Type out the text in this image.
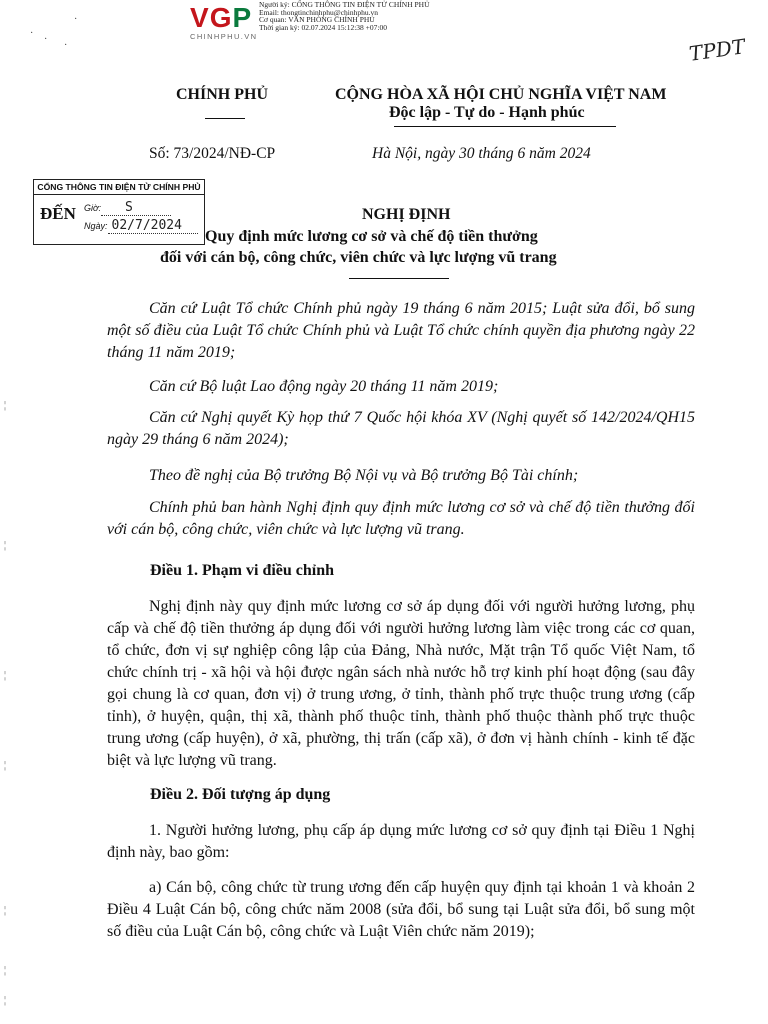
VGP
CHINHPHU.VN
Người ký: CỔNG THÔNG TIN ĐIỆN TỬ CHÍNH PHỦ
Email: thongtinchinhphu@chinhphu.vn
Cơ quan: VĂN PHÒNG CHÍNH PHỦ
Thời gian ký: 02.07.2024 15:12:38 +07:00
TPDT
·
·
·
·
CHÍNH PHỦ	CỘNG HÒA XÃ HỘI CHỦ NGHĨA VIỆT NAM
Độc lập - Tự do - Hạnh phúc
Số: 73/2024/NĐ-CP	Hà Nội, ngày 30 tháng 6 năm 2024
CỔNG THÔNG TIN ĐIỆN TỬ CHÍNH PHỦ
ĐẾN Giờ: S
Ngày: 02/7/2024
NGHỊ ĐỊNH
Quy định mức lương cơ sở và chế độ tiền thưởng
đối với cán bộ, công chức, viên chức và lực lượng vũ trang
Căn cứ Luật Tổ chức Chính phủ ngày 19 tháng 6 năm 2015; Luật sửa đổi, bổ sung một số điều của Luật Tổ chức Chính phủ và Luật Tổ chức chính quyền địa phương ngày 22 tháng 11 năm 2019;
Căn cứ Bộ luật Lao động ngày 20 tháng 11 năm 2019;
Căn cứ Nghị quyết Kỳ họp thứ 7 Quốc hội khóa XV (Nghị quyết số 142/2024/QH15 ngày 29 tháng 6 năm 2024);
Theo đề nghị của Bộ trưởng Bộ Nội vụ và Bộ trưởng Bộ Tài chính;
Chính phủ ban hành Nghị định quy định mức lương cơ sở và chế độ tiền thưởng đối với cán bộ, công chức, viên chức và lực lượng vũ trang.
Điều 1. Phạm vi điều chỉnh
Nghị định này quy định mức lương cơ sở áp dụng đối với người hưởng lương, phụ cấp và chế độ tiền thưởng áp dụng đối với người hưởng lương làm việc trong các cơ quan, tổ chức, đơn vị sự nghiệp công lập của Đảng, Nhà nước, Mặt trận Tổ quốc Việt Nam, tổ chức chính trị - xã hội và hội được ngân sách nhà nước hỗ trợ kinh phí hoạt động (sau đây gọi chung là cơ quan, đơn vị) ở trung ương, ở tỉnh, thành phố trực thuộc trung ương (cấp tỉnh), ở huyện, quận, thị xã, thành phố thuộc tỉnh, thành phố thuộc thành phố trực thuộc trung ương (cấp huyện), ở xã, phường, thị trấn (cấp xã), ở đơn vị hành chính - kinh tế đặc biệt và lực lượng vũ trang.
Điều 2. Đối tượng áp dụng
1. Người hưởng lương, phụ cấp áp dụng mức lương cơ sở quy định tại Điều 1 Nghị định này, bao gồm:
a) Cán bộ, công chức từ trung ương đến cấp huyện quy định tại khoản 1 và khoản 2 Điều 4 Luật Cán bộ, công chức năm 2008 (sửa đổi, bổ sung tại Luật sửa đổi, bổ sung một số điều của Luật Cán bộ, công chức và Luật Viên chức năm 2019);
¦
¦
¦
¦
¦
¦
¦
